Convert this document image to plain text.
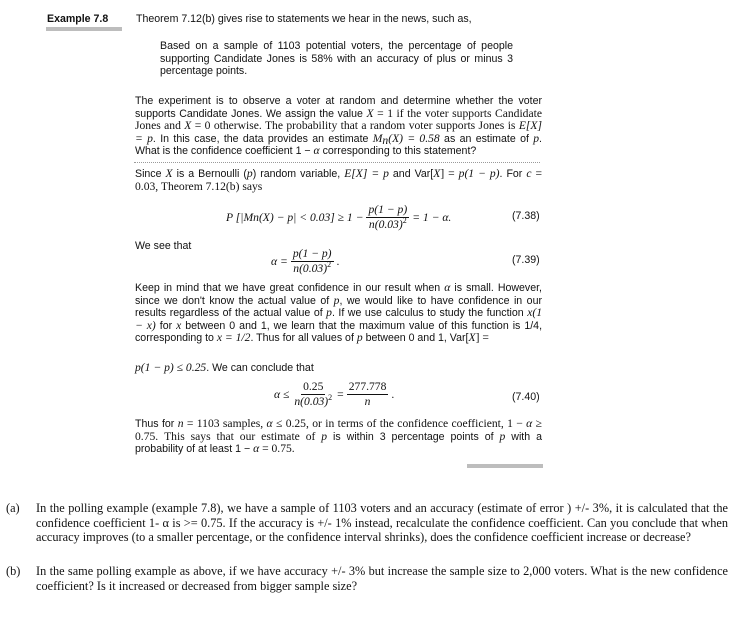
Example 7.8	Theorem 7.12(b) gives rise to statements we hear in the news, such as,
Based on a sample of 1103 potential voters, the percentage of people supporting Candidate Jones is 58% with an accuracy of plus or minus 3 percentage points.
The experiment is to observe a voter at random and determine whether the voter supports Candidate Jones. We assign the value X = 1 if the voter supports Candidate Jones and X = 0 otherwise. The probability that a random voter supports Jones is E[X] = p. In this case, the data provides an estimate $M_n(X) = 0.58$ as an estimate of p. What is the confidence coefficient 1 − α corresponding to this statement?
Since X is a Bernoulli (p) random variable, E[X] = p and Var[X] = p(1 − p). For c = 0.03, Theorem 7.12(b) says
P [|M n $(X) - p| < 0.03] \ge 1 - \frac{p(1 - p)}{n(0.03)^2} = 1 - \alpha$.	(7.38)
We see that
$\alpha = \frac{p(1 - p)}{n(0.03)^2}$ .	(7.39)
Keep in mind that we have great confidence in our result when α is small. However, since we don't know the actual value of p, we would like to have confidence in our results regardless of the actual value of p. If we use calculus to study the function x(1 − x) for x between 0 and 1, we learn that the maximum value of this function is 1/4, corresponding to x = 1/2. Thus for all values of p between 0 and 1, Var[X] =
p(1 − p) ≤ 0.25. We can conclude that
$\alpha \le \frac{0.25}{n(0.03)^2} = \frac{277.778}{n}$ .	(7.40)
Thus for n = 1103 samples, α ≤ 0.25, or in terms of the confidence coefficient, 1 − α ≥ 0.75. This says that our estimate of p is within 3 percentage points of p with a probability of at least 1 − α = 0.75.
(a) In the polling example (example 7.8), we have a sample of 1103 voters and an accuracy (estimate of error ) +/- 3%, it is calculated that the confidence coefficient 1- α is >= 0.75. If the accuracy is +/- 1% instead, recalculate the confidence coefficient. Can you conclude that when accuracy improves (to a smaller percentage, or the confidence interval shrinks), does the confidence coefficient increase or decrease?
(b) In the same polling example as above, if we have accuracy +/- 3% but increase the sample size to 2,000 voters. What is the new confidence coefficient? Is it increased or decreased from bigger sample size?
